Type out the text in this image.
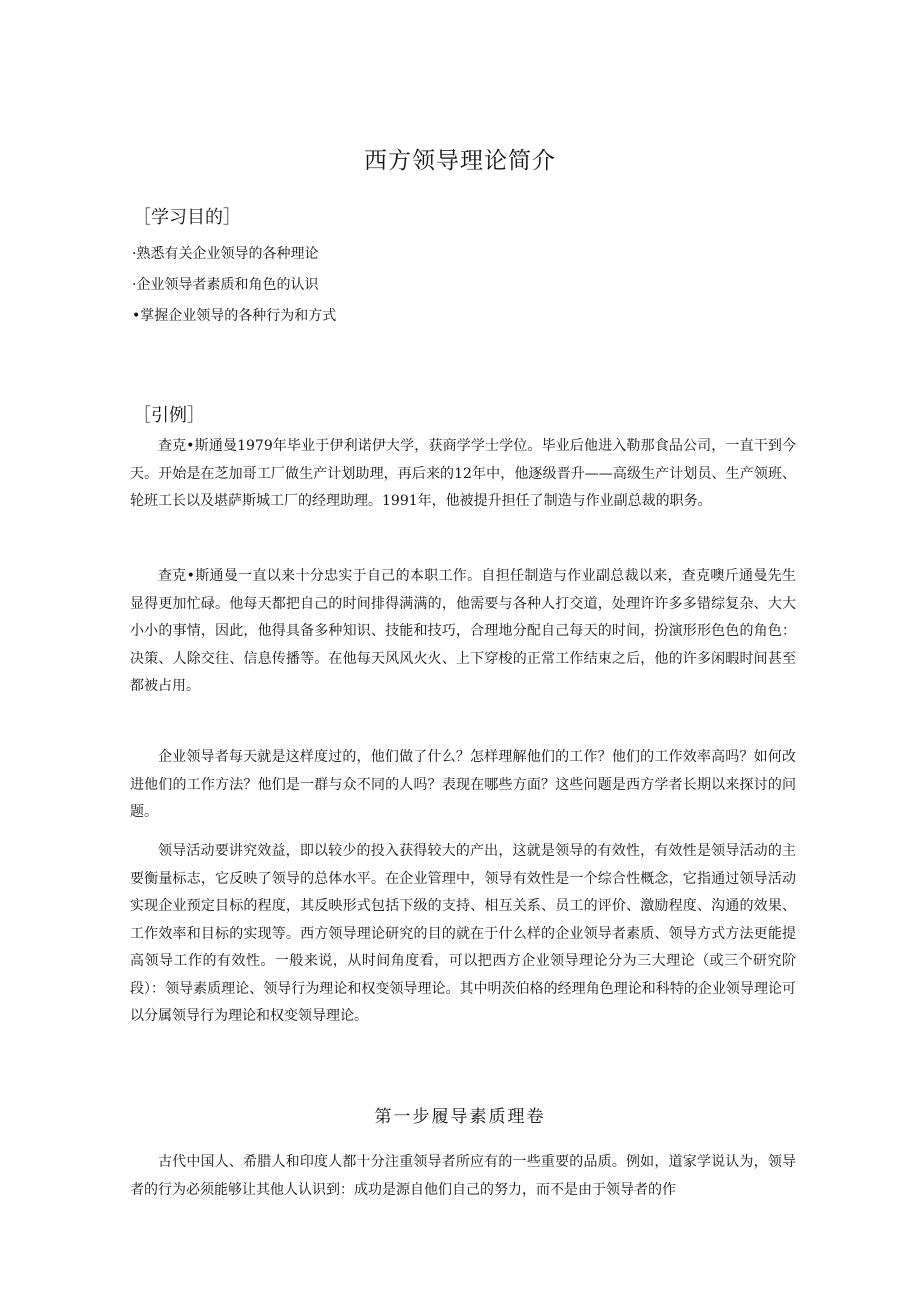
西方领导理论简介
［学习目的］
·熟悉有关企业领导的各种理论
·企业领导者素质和角色的认识
•掌握企业领导的各种行为和方式
［引例］

查克•斯通曼1979年毕业于伊利诺伊大学，获商学学士学位。毕业后他进入勒那食品公司，一直干到今天。开始是在芝加哥工厂做生产计划助理，再后来的12年中，他逐级晋升——高级生产计划员、生产领班、轮班工长以及堪萨斯城工厂的经理助理。1991年，他被提升担任了制造与作业副总裁的职务。

查克•斯通曼一直以来十分忠实于自己的本职工作。自担任制造与作业副总裁以来，查克噢斤通曼先生显得更加忙碌。他每天都把自己的时间排得满满的，他需要与各种人打交道，处理许许多多错综复杂、大大小小的事情，因此，他得具备多种知识、技能和技巧，合理地分配自己每天的时间，扮演形形色色的角色：决策、人除交往、信息传播等。在他每天风风火火、上下穿梭的正常工作结束之后，他的许多闲暇时间甚至都被占用。

企业领导者每天就是这样度过的，他们做了什么？怎样理解他们的工作？他们的工作效率高吗？如何改进他们的工作方法？他们是一群与众不同的人吗？表现在哪些方面？这些问题是西方学者长期以来探讨的问题。

领导活动要讲究效益，即以较少的投入获得较大的产出，这就是领导的有效性，有效性是领导活动的主要衡量标志，它反映了领导的总体水平。在企业管理中，领导有效性是一个综合性概念，它指通过领导活动实现企业预定目标的程度，其反映形式包括下级的支持、相互关系、员工的评价、激励程度、沟通的效果、工作效率和目标的实现等。西方领导理论研究的目的就在于什么样的企业领导者素质、领导方式方法更能提高领导工作的有效性。一般来说，从时间角度看，可以把西方企业领导理论分为三大理论（或三个研究阶段）：领导素质理论、领导行为理论和权变领导理论。其中明茨伯格的经理角色理论和科特的企业领导理论可以分属领导行为理论和权变领导理论。

第一步履导素质理卷

古代中国人、希腊人和印度人都十分注重领导者所应有的一些重要的品质。例如，道家学说认为，领导者的行为必须能够让其他人认识到：成功是源自他们自己的努力，而不是由于领导者的作
